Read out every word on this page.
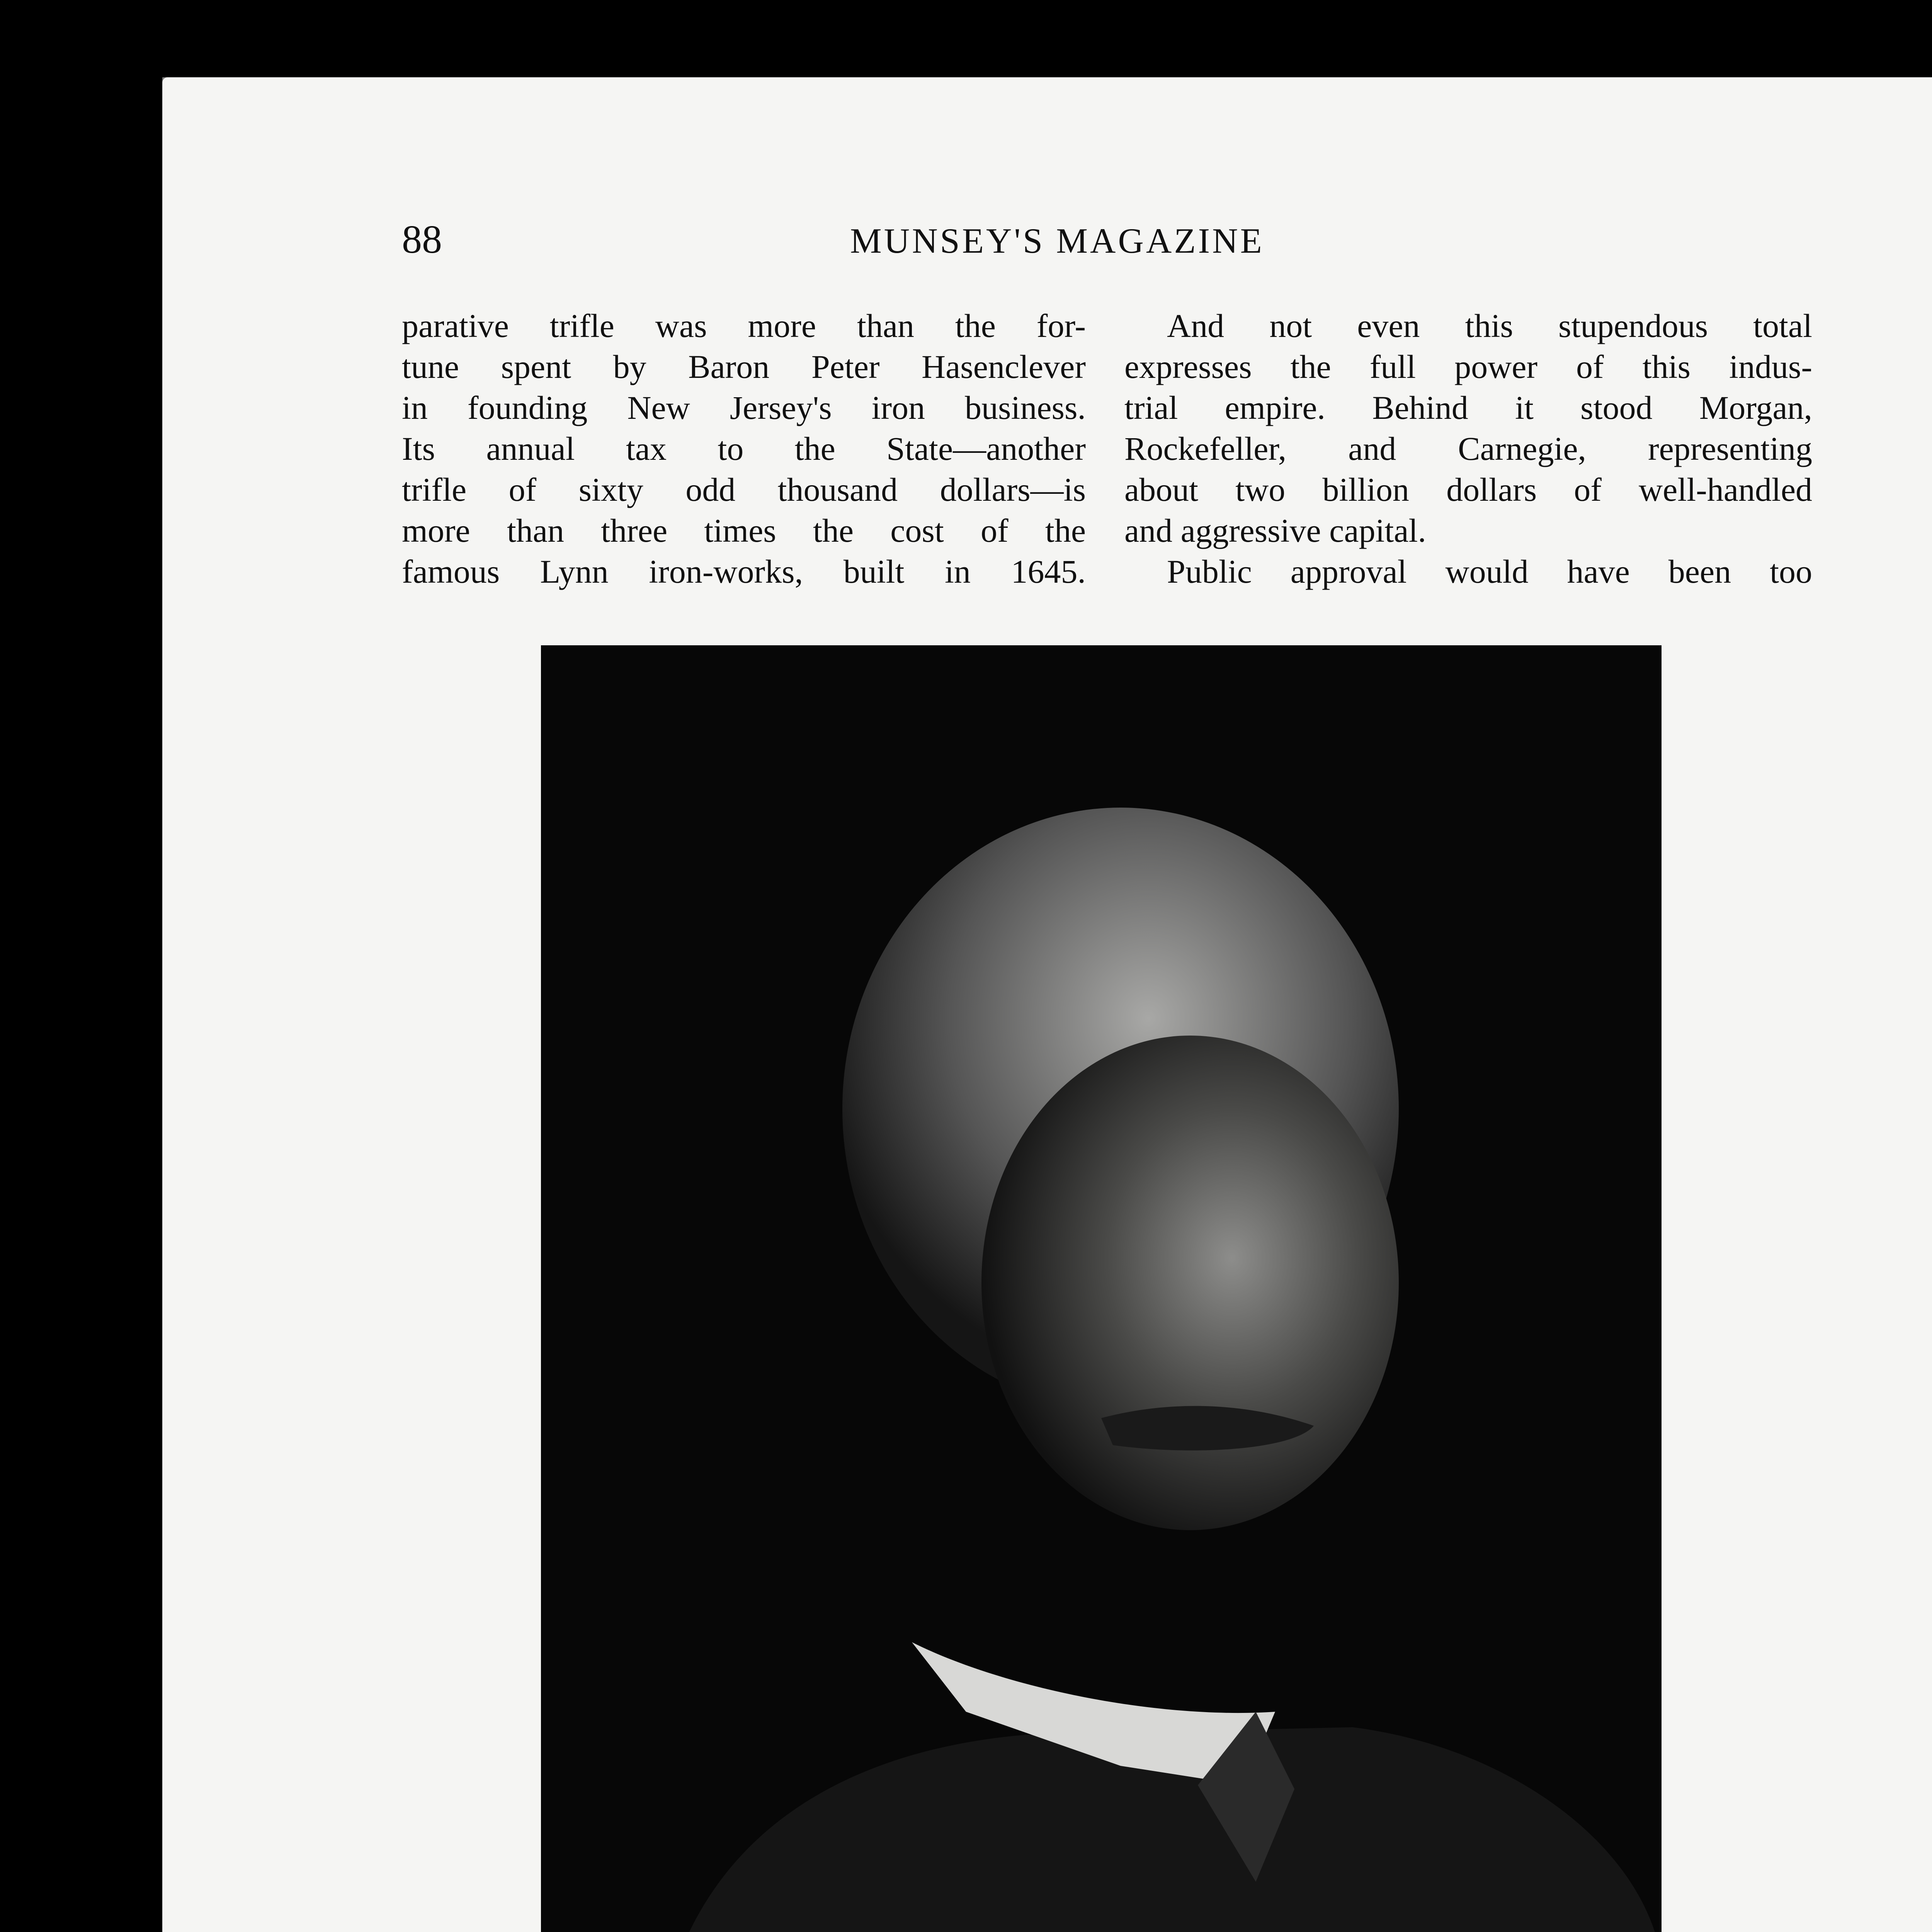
88	MUNSEY'S MAGAZINE

parative trifle was more than the for-

tune spent by Baron Peter Hasenclever

in founding New Jersey's iron business.

Its annual tax to the State—another

trifle of sixty odd thousand dollars—is

more than three times the cost of the

famous Lynn iron-works, built in 1645.

And not even this stupendous total

expresses the full power of this indus-

trial empire. Behind it stood Morgan,

Rockefeller, and Carnegie, representing

about two billion dollars of well-handled

and aggressive capital.

Public approval would have been too
